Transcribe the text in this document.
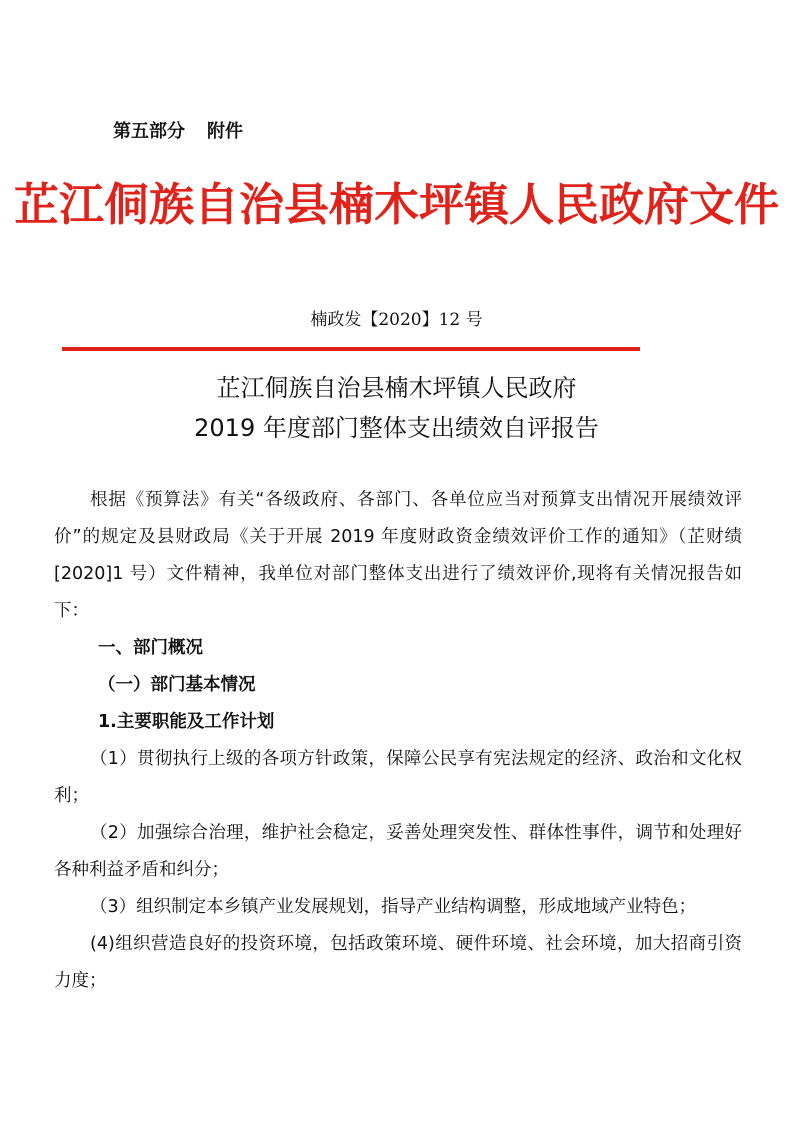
第五部分 附件
芷江侗族自治县楠木坪镇人民政府文件
楠政发【2020】12 号
芷江侗族自治县楠木坪镇人民政府
2019 年度部门整体支出绩效自评报告

根据《预算法》有关“各级政府、各部门、各单位应当对预算支出情况开展绩效评价”的规定及县财政局《关于开展 2019 年度财政资金绩效评价工作的通知》（芷财绩[2020]1 号）文件精神，我单位对部门整体支出进行了绩效评价,现将有关情况报告如下：

一、部门概况

（一）部门基本情况

1.主要职能及工作计划

（1）贯彻执行上级的各项方针政策，保障公民享有宪法规定的经济、政治和文化权利；

（2）加强综合治理，维护社会稳定，妥善处理突发性、群体性事件，调节和处理好各种利益矛盾和纠分；

（3）组织制定本乡镇产业发展规划，指导产业结构调整，形成地域产业特色；

(4)组织营造良好的投资环境，包括政策环境、硬件环境、社会环境，加大招商引资力度；
